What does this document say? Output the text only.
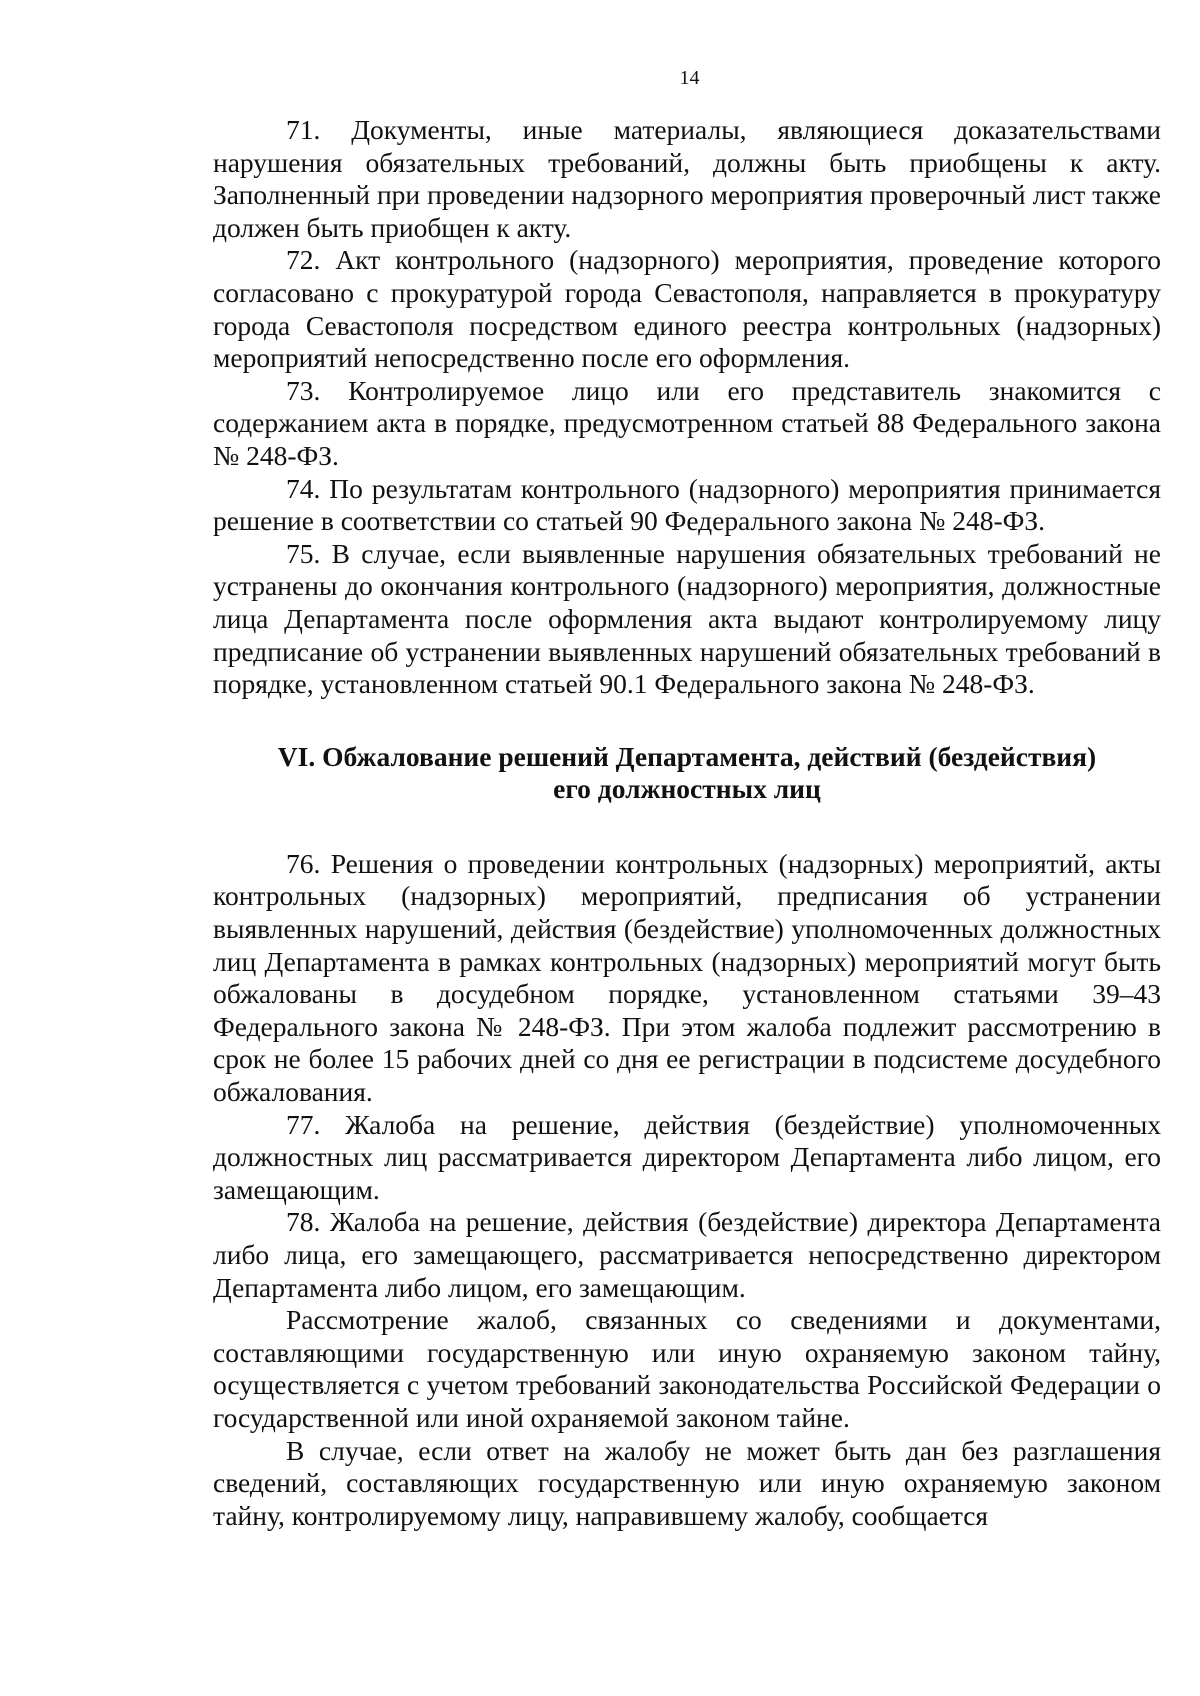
14

71. Документы, иные материалы, являющиеся доказательствами нарушения обязательных требований, должны быть приобщены к акту. Заполненный при проведении надзорного мероприятия проверочный лист также должен быть приобщен к акту.

72. Акт контрольного (надзорного) мероприятия, проведение которого согласовано с прокуратурой города Севастополя, направляется в прокуратуру города Севастополя посредством единого реестра контрольных (надзорных) мероприятий непосредственно после его оформления.

73. Контролируемое лицо или его представитель знакомится с содержанием акта в порядке, предусмотренном статьей 88 Федерального закона № 248-ФЗ.

74. По результатам контрольного (надзорного) мероприятия принимается решение в соответствии со статьей 90 Федерального закона № 248-ФЗ.

75. В случае, если выявленные нарушения обязательных требований не устранены до окончания контрольного (надзорного) мероприятия, должностные лица Департамента после оформления акта выдают контролируемому лицу предписание об устранении выявленных нарушений обязательных требований в порядке, установленном статьей 90.1 Федерального закона № 248-ФЗ.

VI. Обжалование решений Департамента, действий (бездействия)
его должностных лиц

76. Решения о проведении контрольных (надзорных) мероприятий, акты контрольных (надзорных) мероприятий, предписания об устранении выявленных нарушений, действия (бездействие) уполномоченных должностных лиц Департамента в рамках контрольных (надзорных) мероприятий могут быть обжалованы в досудебном порядке, установленном статьями 39–43 Федерального закона № 248-ФЗ. При этом жалоба подлежит рассмотрению в срок не более 15 рабочих дней со дня ее регистрации в подсистеме досудебного обжалования.

77. Жалоба на решение, действия (бездействие) уполномоченных должностных лиц рассматривается директором Департамента либо лицом, его замещающим.

78. Жалоба на решение, действия (бездействие) директора Департамента либо лица, его замещающего, рассматривается непосредственно директором Департамента либо лицом, его замещающим.

Рассмотрение жалоб, связанных со сведениями и документами, составляющими государственную или иную охраняемую законом тайну, осуществляется с учетом требований законодательства Российской Федерации о государственной или иной охраняемой законом тайне.

В случае, если ответ на жалобу не может быть дан без разглашения сведений, составляющих государственную или иную охраняемую законом тайну, контролируемому лицу, направившему жалобу, сообщается
